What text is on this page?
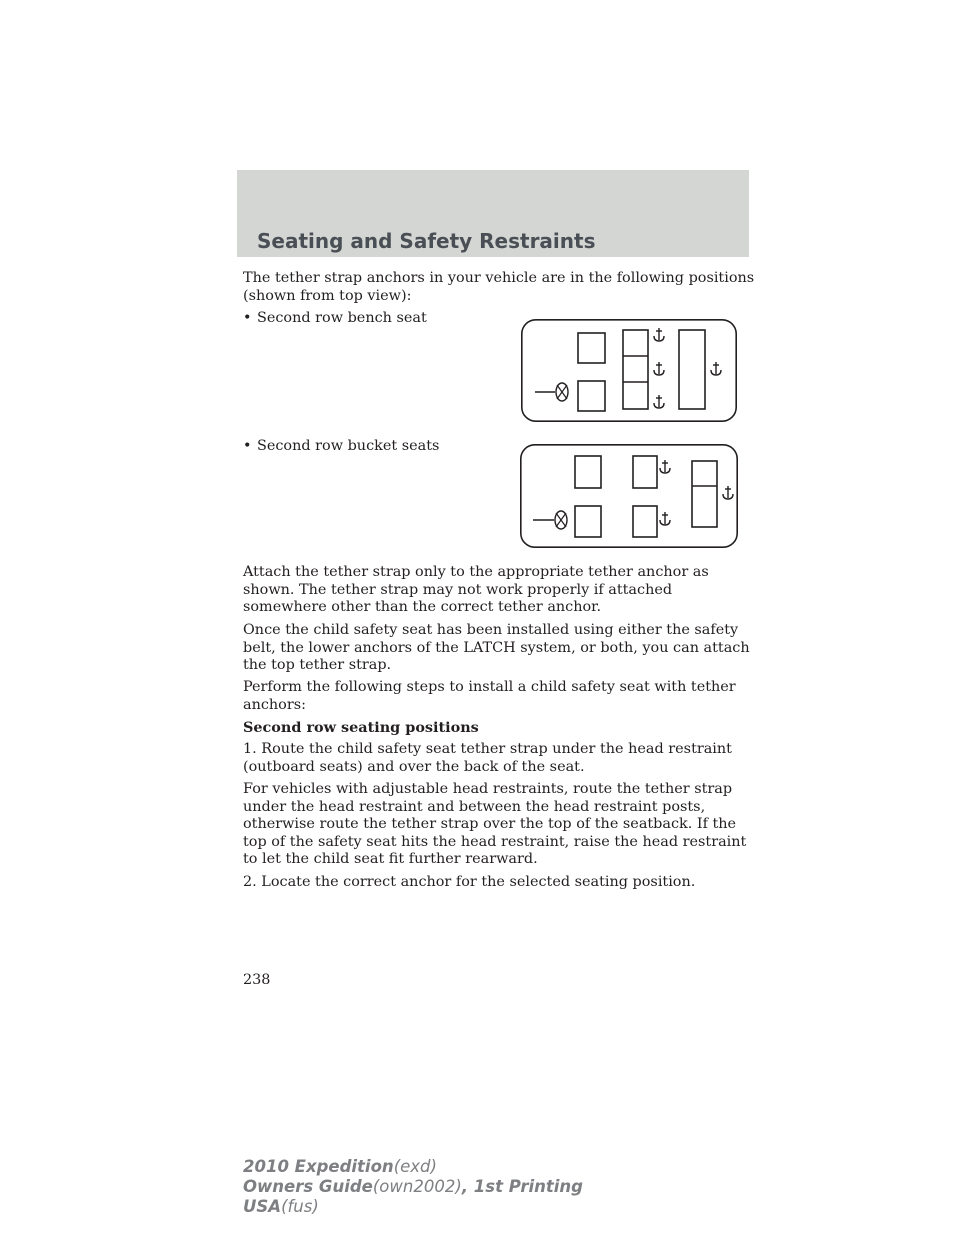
Seating and Safety Restraints

The tether strap anchors in your vehicle are in the following positions (shown from top view):

• Second row bench seat
• Second row bucket seats

Attach the tether strap only to the appropriate tether anchor as shown. The tether strap may not work properly if attached somewhere other than the correct tether anchor.

Once the child safety seat has been installed using either the safety belt, the lower anchors of the LATCH system, or both, you can attach the top tether strap.

Perform the following steps to install a child safety seat with tether anchors:

Second row seating positions

1. Route the child safety seat tether strap under the head restraint (outboard seats) and over the back of the seat.

For vehicles with adjustable head restraints, route the tether strap under the head restraint and between the head restraint posts, otherwise route the tether strap over the top of the seatback. If the top of the safety seat hits the head restraint, raise the head restraint to let the child seat fit further rearward.

2. Locate the correct anchor for the selected seating position.

238
2010 Expedition(exd)
Owners Guide(own2002), 1st Printing
USA(fus)
